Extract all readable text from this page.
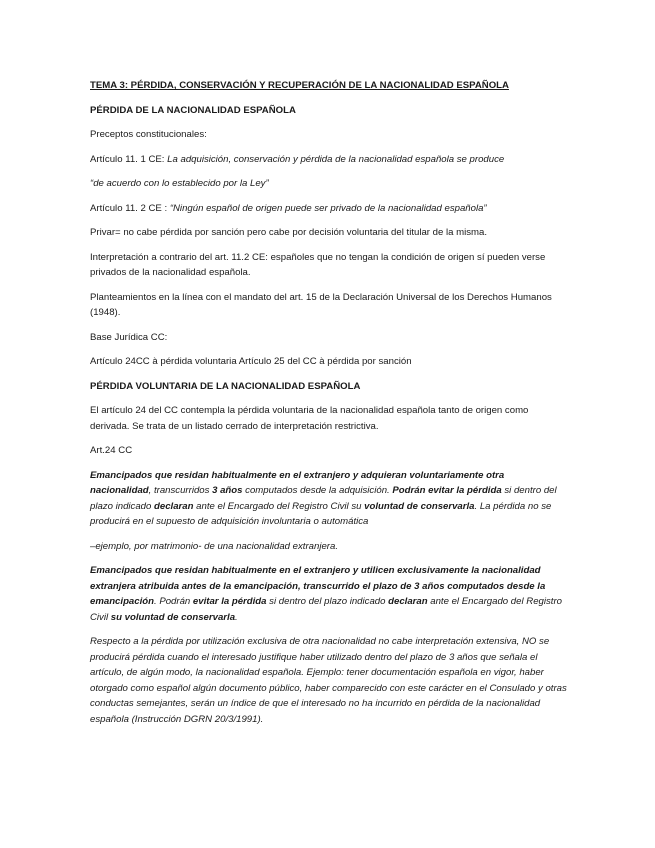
TEMA 3: PÉRDIDA, CONSERVACIÓN Y RECUPERACIÓN DE LA NACIONALIDAD ESPAÑOLA

PÉRDIDA DE LA NACIONALIDAD ESPAÑOLA

Preceptos constitucionales:

Artículo 11. 1 CE: La adquisición, conservación y pérdida de la nacionalidad española se produce

“de acuerdo con lo establecido por la Ley”

Artículo 11. 2 CE : “Ningún español de origen puede ser privado de la nacionalidad española”

Privar= no cabe pérdida por sanción pero cabe por decisión voluntaria del titular de la misma.

Interpretación a contrario del art. 11.2 CE: españoles que no tengan la condición de origen sí pueden verse privados de la nacionalidad española.

Planteamientos en la línea con el mandato del art. 15 de la Declaración Universal de los Derechos Humanos (1948).

Base Jurídica CC:

Artículo 24CC à pérdida voluntaria Artículo 25 del CC à pérdida por sanción

PÉRDIDA VOLUNTARIA DE LA NACIONALIDAD ESPAÑOLA

El artículo 24 del CC contempla la pérdida voluntaria de la nacionalidad española tanto de origen como derivada. Se trata de un listado cerrado de interpretación restrictiva.

Art.24 CC

Emancipados que residan habitualmente en el extranjero y adquieran voluntariamente otra nacionalidad, transcurridos 3 años computados desde la adquisición. Podrán evitar la pérdida si dentro del plazo indicado declaran ante el Encargado del Registro Civil su voluntad de conservarla. La pérdida no se producirá en el supuesto de adquisición involuntaria o automática

–ejemplo, por matrimonio- de una nacionalidad extranjera.

Emancipados que residan habitualmente en el extranjero y utilicen exclusivamente la nacionalidad extranjera atribuida antes de la emancipación, transcurrido el plazo de 3 años computados desde la emancipación. Podrán evitar la pérdida si dentro del plazo indicado declaran ante el Encargado del Registro Civil su voluntad de conservarla.

Respecto a la pérdida por utilización exclusiva de otra nacionalidad no cabe interpretación extensiva, NO se producirá pérdida cuando el interesado justifique haber utilizado dentro del plazo de 3 años que señala el artículo, de algún modo, la nacionalidad española. Ejemplo: tener documentación española en vigor, haber otorgado como español algún documento público, haber comparecido con este carácter en el Consulado y otras conductas semejantes, serán un índice de que el interesado no ha incurrido en pérdida de la nacionalidad española (Instrucción DGRN 20/3/1991).
